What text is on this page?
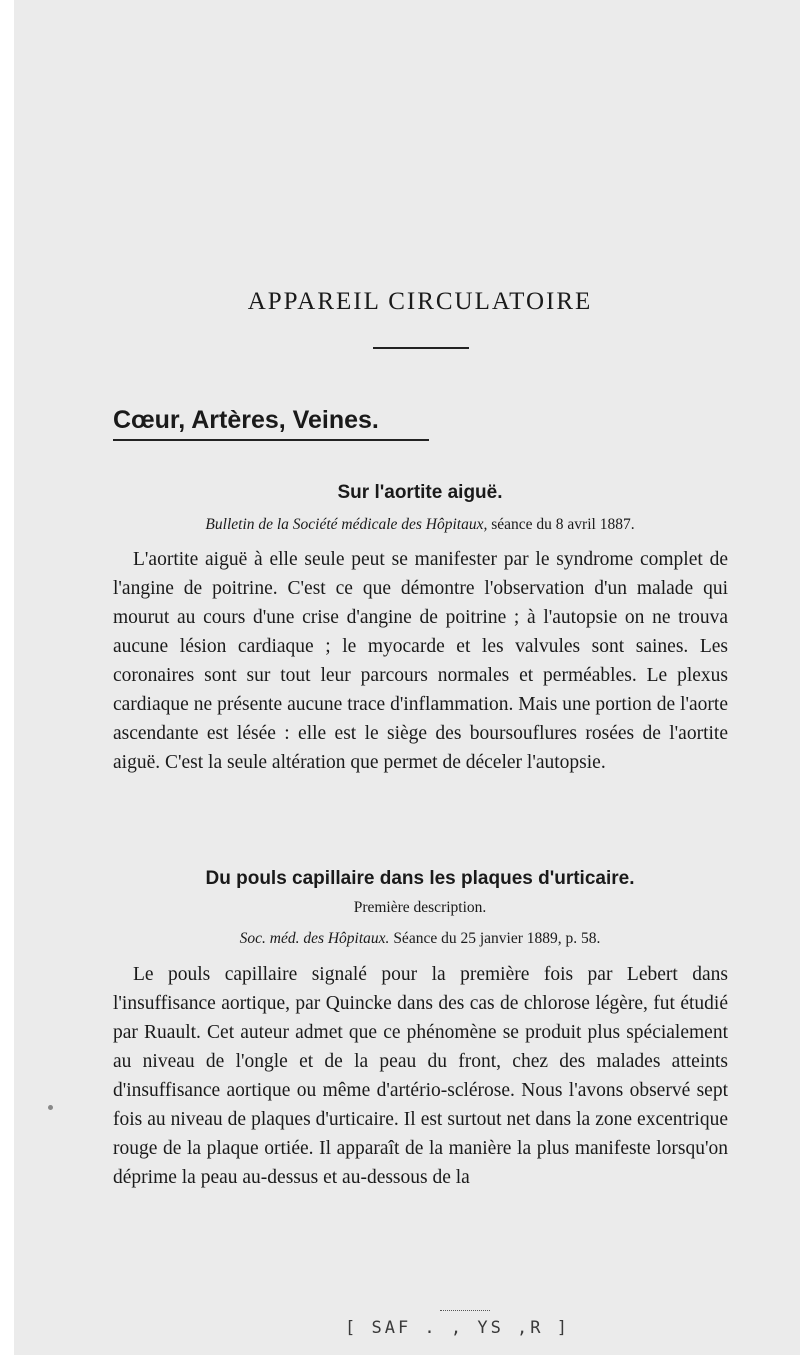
APPAREIL CIRCULATOIRE
Cœur, Artères, Veines.
Sur l'aortite aiguë.
Bulletin de la Société médicale des Hôpitaux, séance du 8 avril 1887.

L'aortite aiguë à elle seule peut se manifester par le syndrome complet de l'angine de poitrine. C'est ce que démontre l'observation d'un malade qui mourut au cours d'une crise d'angine de poitrine ; à l'autopsie on ne trouva aucune lésion cardiaque ; le myocarde et les valvules sont saines. Les coronaires sont sur tout leur parcours normales et perméables. Le plexus cardiaque ne présente aucune trace d'inflammation. Mais une portion de l'aorte ascendante est lésée : elle est le siège des boursouflures rosées de l'aortite aiguë. C'est la seule altération que permet de déceler l'autopsie.

Du pouls capillaire dans les plaques d'urticaire.
Première description.
Soc. méd. des Hôpitaux. Séance du 25 janvier 1889, p. 58.

Le pouls capillaire signalé pour la première fois par Lebert dans l'insuffisance aortique, par Quincke dans des cas de chlorose légère, fut étudié par Ruault. Cet auteur admet que ce phénomène se produit plus spécialement au niveau de l'ongle et de la peau du front, chez des malades atteints d'insuffisance aortique ou même d'artério-sclérose. Nous l'avons observé sept fois au niveau de plaques d'urticaire. Il est surtout net dans la zone excentrique rouge de la plaque ortiée. Il apparaît de la manière la plus manifeste lorsqu'on déprime la peau au-dessus et au-dessous de la

[ SAF . , YS ,R ]
